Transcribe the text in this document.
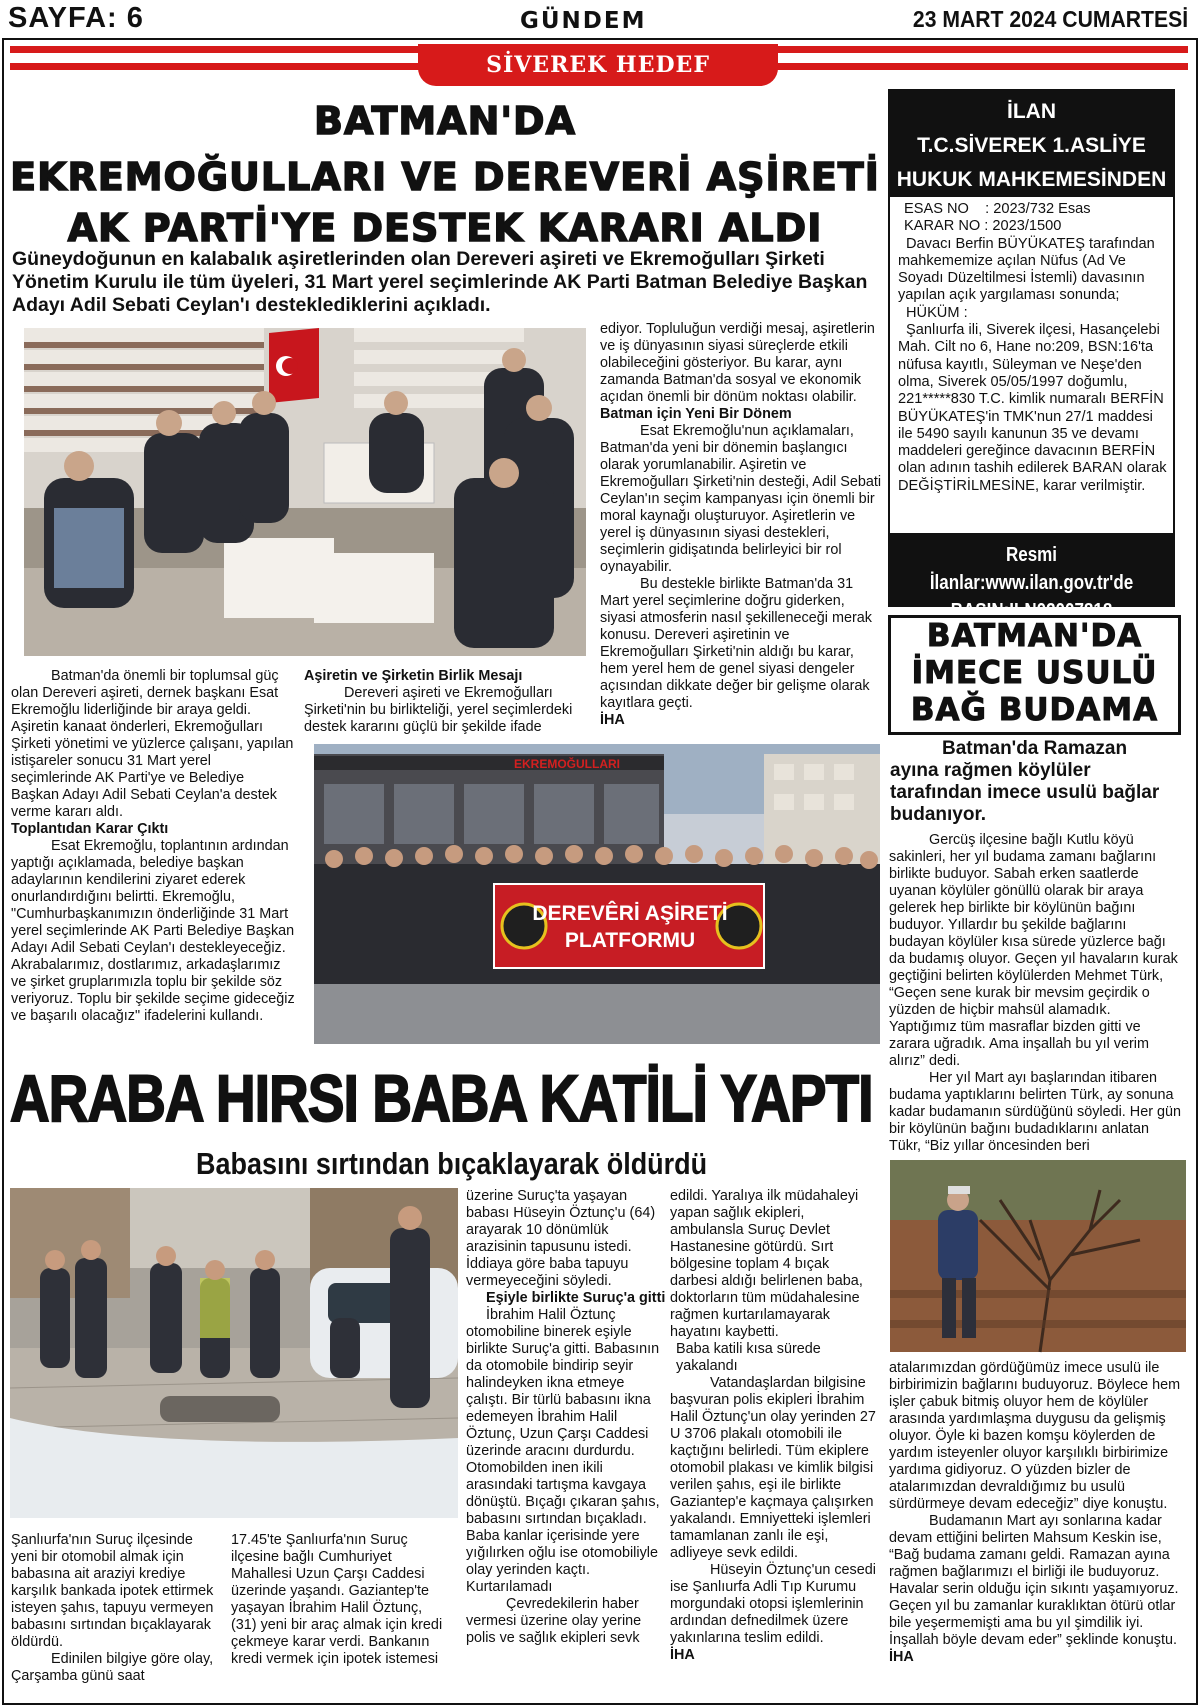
SAYFA: 6	GÜNDEM	23 MART 2024 CUMARTESİ
SİVEREK HEDEF GAZETESİ
BATMAN'DA
EKREMOĞULLARI VE DEREVERİ AŞİRETİ
AK PARTİ'YE DESTEK KARARI ALDI
Güneydoğunun en kalabalık aşiretlerinden olan Dereveri aşireti ve Ekremoğulları Şirketi Yönetim Kurulu ile tüm üyeleri, 31 Mart yerel seçimlerinde AK Parti Batman Belediye Başkan Adayı Adil Sebati Ceylan'ı desteklediklerini açıkladı.

Batman'da önemli bir toplumsal güç olan Dereveri aşireti, dernek başkanı Esat Ekremoğlu liderliğinde bir araya geldi. Aşiretin kanaat önderleri, Ekremoğulları Şirketi yönetimi ve yüzlerce çalışanı, yapılan istişareler sonucu 31 Mart yerel seçimlerinde AK Parti'ye ve Belediye Başkan Adayı Adil Sebati Ceylan'a destek verme kararı aldı.

Toplantıdan Karar Çıktı

Esat Ekremoğlu, toplantının ardından yaptığı açıklamada, belediye başkan adaylarının kendilerini ziyaret ederek onurlandırdığını belirtti. Ekremoğlu, "Cumhurbaşkanımızın önderliğinde 31 Mart yerel seçimlerinde AK Parti Belediye Başkan Adayı Adil Sebati Ceylan'ı destekleyeceğiz. Akrabalarımız, dostlarımız, arkadaşlarımız ve şirket gruplarımızla toplu bir şekilde söz veriyoruz. Toplu bir şekilde seçime gideceğiz ve başarılı olacağız" ifadelerini kullandı.

Aşiretin ve Şirketin Birlik Mesajı

Dereveri aşireti ve Ekremoğulları Şirketi'nin bu birlikteliği, yerel seçimlerdeki destek kararını güçlü bir şekilde ifade

ediyor. Topluluğun verdiği mesaj, aşiretlerin ve iş dünyasının siyasi süreçlerde etkili olabileceğini gösteriyor. Bu karar, aynı zamanda Batman'da sosyal ve ekonomik açıdan önemli bir dönüm noktası olabilir.

Batman için Yeni Bir Dönem

Esat Ekremoğlu'nun açıklamaları, Batman'da yeni bir dönemin başlangıcı olarak yorumlanabilir. Aşiretin ve Ekremoğulları Şirketi'nin desteği, Adil Sebati Ceylan'ın seçim kampanyası için önemli bir moral kaynağı oluşturuyor. Aşiretlerin ve yerel iş dünyasının siyasi destekleri, seçimlerin gidişatında belirleyici bir rol oynayabilir.

Bu destekle birlikte Batman'da 31 Mart yerel seçimlerine doğru giderken, siyasi atmosferin nasıl şekilleneceği merak konusu. Dereveri aşiretinin ve Ekremoğulları Şirketi'nin aldığı bu karar, hem yerel hem de genel siyasi dengeler açısından dikkate değer bir gelişme olarak kayıtlara geçti.

İHA

EKREMOĞULLARI
DEREVÊRİ AŞİRETİ
PLATFORMU
İLAN
T.C.SİVEREK 1.ASLİYE
HUKUK MAHKEMESİNDEN
ESAS NO    : 2023/732 Esas
KARAR NO : 2023/1500
Davacı Berfin BÜYÜKATEŞ tarafından mahkememize açılan Nüfus (Ad Ve Soyadı Düzeltilmesi İstemli) davasının yapılan açık yargılaması sonunda;
HÜKÜM :
Şanlıurfa ili, Siverek ilçesi, Hasançelebi Mah. Cilt no 6, Hane no:209, BSN:16'ta nüfusa kayıtlı, Süleyman ve Neşe'den olma, Siverek 05/05/1997 doğumlu, 221*****830 T.C. kimlik numaralı BERFİN BÜYÜKATEŞ'in TMK'nun 27/1 maddesi ile 5490 sayılı kanunun 35 ve devamı maddeleri gereğince davacının BERFİN olan adının tashih edilerek BARAN olarak DEĞİŞTİRİLMESİNE, karar verilmiştir.
Resmi İlanlar:www.ilan.gov.tr'de
BASIN:ILN02007818
BATMAN'DA
İMECE USULÜ
BAĞ BUDAMA
Batman'da Ramazan ayına rağmen köylüler tarafından imece usulü bağlar budanıyor.

Gercüş ilçesine bağlı Kutlu köyü sakinleri, her yıl budama zamanı bağlarını birlikte buduyor. Sabah erken saatlerde uyanan köylüler gönüllü olarak bir araya gelerek hep birlikte bir köylünün bağını buduyor. Yıllardır bu şekilde bağlarını budayan köylüler kısa sürede yüzlerce bağı da budamış oluyor. Geçen yıl havaların kurak geçtiğini belirten köylülerden Mehmet Türk, “Geçen sene kurak bir mevsim geçirdik o yüzden de hiçbir mahsül alamadık. Yaptığımız tüm masraflar bizden gitti ve zarara uğradık. Ama inşallah bu yıl verim alırız” dedi.

Her yıl Mart ayı başlarından itibaren budama yaptıklarını belirten Türk, ay sonuna kadar budamanın sürdüğünü söyledi. Her gün bir köylünün bağını budadıklarını anlatan Tükr, “Biz yıllar öncesinden beri

atalarımızdan gördüğümüz imece usulü ile birbirimizin bağlarını buduyoruz. Böylece hem işler çabuk bitmiş oluyor hem de köylüler arasında yardımlaşma duygusu da gelişmiş oluyor. Öyle ki bazen komşu köylerden de yardım isteyenler oluyor karşılıklı birbirimize yardıma gidiyoruz. O yüzden bizler de atalarımızdan devraldığımız bu usulü sürdürmeye devam edeceğiz” diye konuştu.

Budamanın Mart ayı sonlarına kadar devam ettiğini belirten Mahsum Keskin ise, “Bağ budama zamanı geldi. Ramazan ayına rağmen bağlarımızı el birliği ile buduyoruz. Havalar serin olduğu için sıkıntı yaşamıyoruz. Geçen yıl bu zamanlar kuraklıktan ötürü otlar bile yeşermemişti ama bu yıl şimdilik iyi. İnşallah böyle devam eder” şeklinde konuştu.

İHA

ARABA HIRSI BABA KATİLİ YAPTI
Babasını sırtından bıçaklayarak öldürdü

Şanlıurfa'nın Suruç ilçesinde yeni bir otomobil almak için babasına ait araziyi krediye karşılık bankada ipotek ettirmek isteyen şahıs, tapuyu vermeyen babasını sırtından bıçaklayarak öldürdü.

Edinilen bilgiye göre olay, Çarşamba günü saat

17.45'te Şanlıurfa'nın Suruç ilçesine bağlı Cumhuriyet Mahallesi Uzun Çarşı Caddesi üzerinde yaşandı. Gaziantep'te yaşayan İbrahim Halil Öztunç, (31) yeni bir araç almak için kredi çekmeye karar verdi. Bankanın kredi vermek için ipotek istemesi

üzerine Suruç'ta yaşayan babası Hüseyin Öztunç'u (64) arayarak 10 dönümlük arazisinin tapusunu istedi. İddiaya göre baba tapuyu vermeyeceğini söyledi.

Eşiyle birlikte Suruç'a gitti

İbrahim Halil Öztunç otomobiline binerek eşiyle birlikte Suruç'a gitti. Babasının da otomobile bindirip seyir halindeyken ikna etmeye çalıştı. Bir türlü babasını ikna edemeyen İbrahim Halil Öztunç, Uzun Çarşı Caddesi üzerinde aracını durdurdu. Otomobilden inen ikili arasındaki tartışma kavgaya dönüştü. Bıçağı çıkaran şahıs, babasını sırtından bıçakladı. Baba kanlar içerisinde yere yığılırken oğlu ise otomobiliyle olay yerinden kaçtı.

Kurtarılamadı

Çevredekilerin haber vermesi üzerine olay yerine polis ve sağlık ekipleri sevk

edildi. Yaralıya ilk müdahaleyi yapan sağlık ekipleri, ambulansla Suruç Devlet Hastanesine götürdü. Sırt bölgesine toplam 4 bıçak darbesi aldığı belirlenen baba, doktorların tüm müdahalesine rağmen kurtarılamayarak hayatını kaybetti.

Baba katili kısa sürede yakalandı

Vatandaşlardan bilgisine başvuran polis ekipleri İbrahim Halil Öztunç'un olay yerinden 27 U 3706 plakalı otomobili ile kaçtığını belirledi. Tüm ekiplere otomobil plakası ve kimlik bilgisi verilen şahıs, eşi ile birlikte Gaziantep'e kaçmaya çalışırken yakalandı. Emniyetteki işlemleri tamamlanan zanlı ile eşi, adliyeye sevk edildi.

Hüseyin Öztunç'un cesedi ise Şanlıurfa Adli Tıp Kurumu morgundaki otopsi işlemlerinin ardından defnedilmek üzere yakınlarına teslim edildi.

İHA
